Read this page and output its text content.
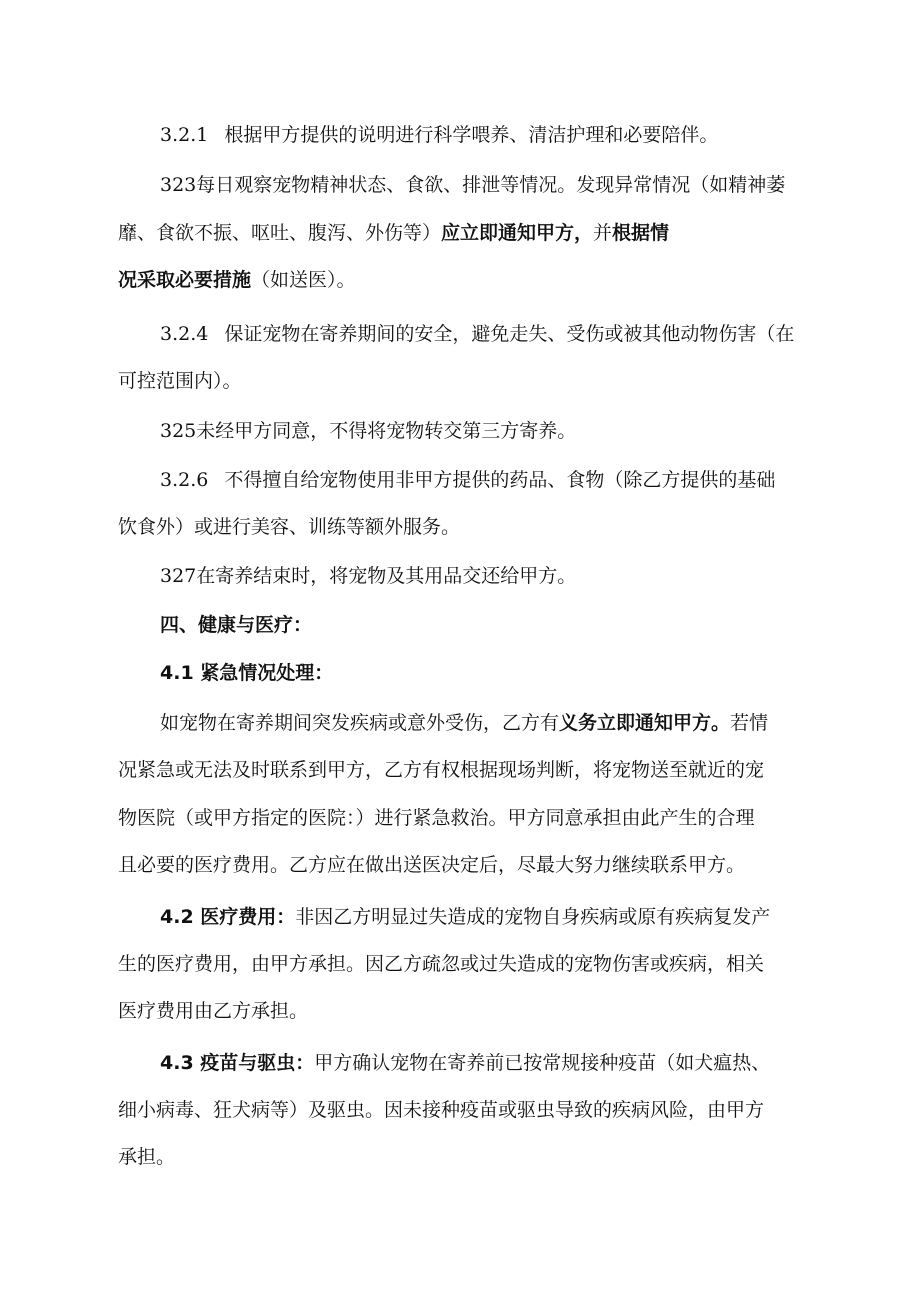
3.2.1 根据甲方提供的说明进行科学喂养、清洁护理和必要陪伴。
323每日观察宠物精神状态、食欲、排泄等情况。发现异常情况（如精神萎
靡、食欲不振、呕吐、腹泻、外伤等）应立即通知甲方，并根据情
况采取必要措施（如送医）。
3.2.4 保证宠物在寄养期间的安全，避免走失、受伤或被其他动物伤害（在
可控范围内）。
325未经甲方同意，不得将宠物转交第三方寄养。
3.2.6 不得擅自给宠物使用非甲方提供的药品、食物（除乙方提供的基础
饮食外）或进行美容、训练等额外服务。
327在寄养结束时，将宠物及其用品交还给甲方。
四、健康与医疗：
4.1 紧急情况处理：
如宠物在寄养期间突发疾病或意外受伤，乙方有义务立即通知甲方。若情
况紧急或无法及时联系到甲方，乙方有权根据现场判断，将宠物送至就近的宠
物医院（或甲方指定的医院：）进行紧急救治。甲方同意承担由此产生的合理
且必要的医疗费用。乙方应在做出送医决定后，尽最大努力继续联系甲方。
4.2 医疗费用：非因乙方明显过失造成的宠物自身疾病或原有疾病复发产
生的医疗费用，由甲方承担。因乙方疏忽或过失造成的宠物伤害或疾病，相关
医疗费用由乙方承担。
4.3 疫苗与驱虫：甲方确认宠物在寄养前已按常规接种疫苗（如犬瘟热、
细小病毒、狂犬病等）及驱虫。因未接种疫苗或驱虫导致的疾病风险，由甲方
承担。
